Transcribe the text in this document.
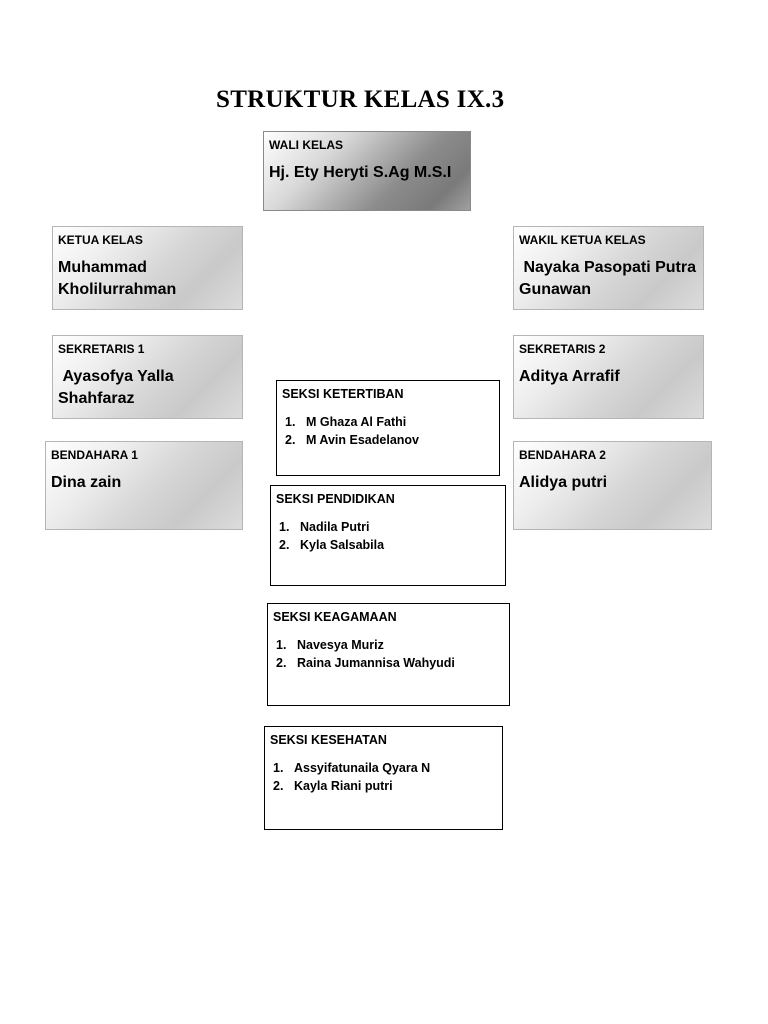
STRUKTUR KELAS IX.3
WALI KELAS
Hj. Ety Heryti S.Ag M.S.I
KETUA KELAS
Muhammad Kholilurrahman
WAKIL KETUA KELAS
Nayaka Pasopati Putra Gunawan
SEKRETARIS 1
Ayasofya Yalla Shahfaraz
SEKRETARIS 2
Aditya Arrafif
BENDAHARA 1
Dina zain
BENDAHARA 2
Alidya putri
SEKSI KETERTIBAN
1. M Ghaza Al Fathi
2. M Avin Esadelanov
SEKSI PENDIDIKAN
1. Nadila Putri
2. Kyla Salsabila
SEKSI KEAGAMAAN
1. Navesya Muriz
2. Raina Jumannisa Wahyudi
SEKSI KESEHATAN
1. Assyifatunaila Qyara N
2. Kayla Riani putri
